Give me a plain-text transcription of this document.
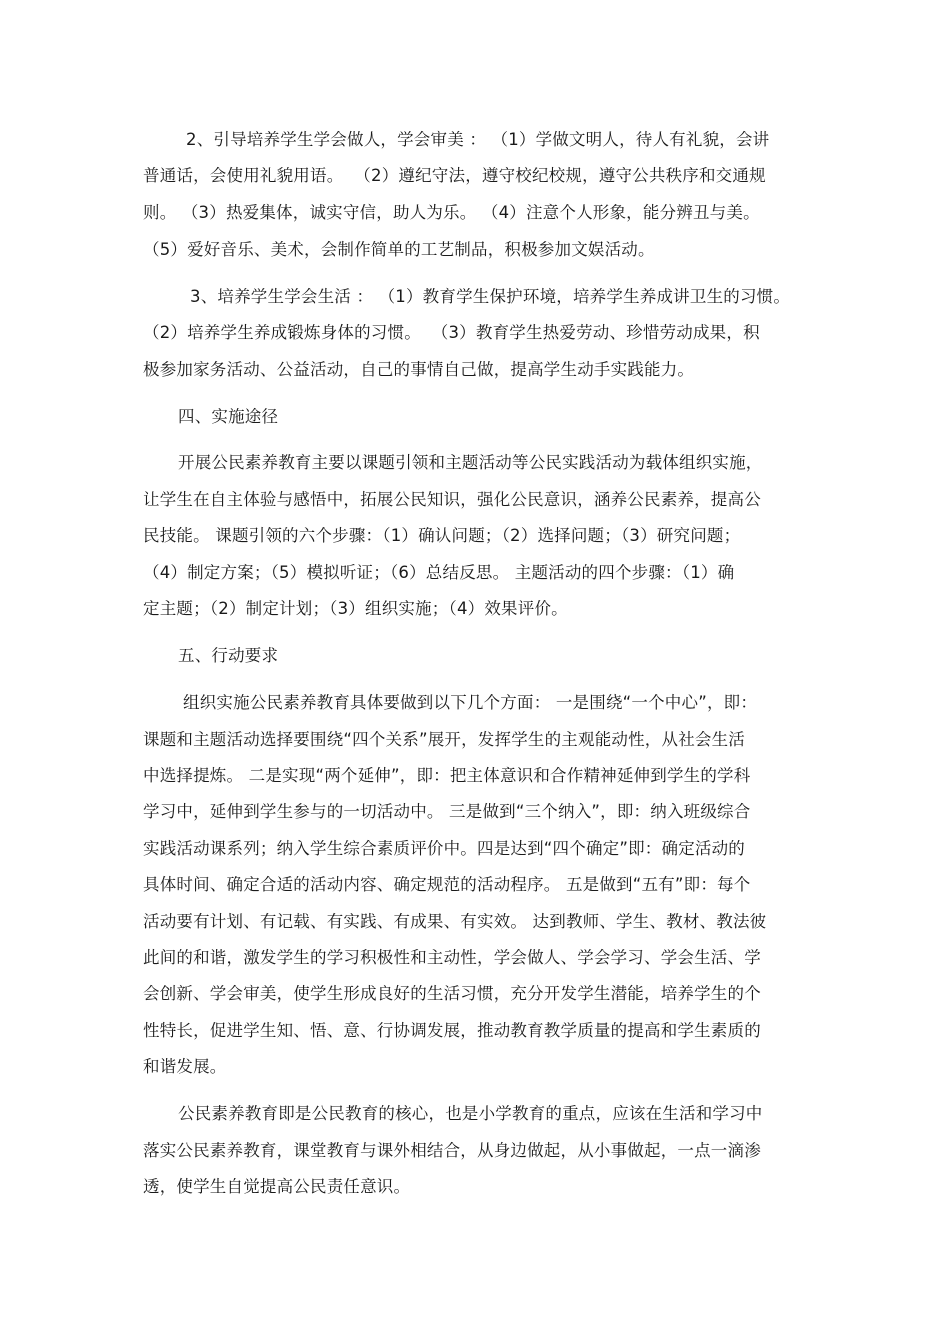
2、引导培养学生学会做人，学会审美 ： （1）学做文明人，待人有礼貌，会讲
普通话，会使用礼貌用语。  （2）遵纪守法，遵守校纪校规，遵守公共秩序和交通规
则。 （3）热爱集体，诚实守信，助人为乐。 （4）注意个人形象，能分辨丑与美。
（5）爱好音乐、美术，会制作简单的工艺制品，积极参加文娱活动。
3、培养学生学会生活 ： （1）教育学生保护环境，培养学生养成讲卫生的习惯。
（2）培养学生养成锻炼身体的习惯。  （3）教育学生热爱劳动、珍惜劳动成果，积
极参加家务活动、公益活动，自己的事情自己做，提高学生动手实践能力。
四、实施途径
开展公民素养教育主要以课题引领和主题活动等公民实践活动为载体组织实施，
让学生在自主体验与感悟中，拓展公民知识，强化公民意识，涵养公民素养，提高公
民技能。 课题引领的六个步骤：（1）确认问题；（2）选择问题；（3）研究问题；
（4）制定方案；（5）模拟听证；（6）总结反思。 主题活动的四个步骤：（1）确
定主题；（2）制定计划；（3）组织实施；（4）效果评价。
五、行动要求
组织实施公民素养教育具体要做到以下几个方面： 一是围绕“一个中心”，即：
课题和主题活动选择要围绕“四个关系”展开，发挥学生的主观能动性，从社会生活
中选择提炼。 二是实现“两个延伸”，即：把主体意识和合作精神延伸到学生的学科
学习中，延伸到学生参与的一切活动中。 三是做到“三个纳入”，即：纳入班级综合
实践活动课系列；纳入学生综合素质评价中。四是达到“四个确定”即：确定活动的
具体时间、确定合适的活动内容、确定规范的活动程序。 五是做到“五有”即：每个
活动要有计划、有记载、有实践、有成果、有实效。 达到教师、学生、教材、教法彼
此间的和谐，激发学生的学习积极性和主动性，学会做人、学会学习、学会生活、学
会创新、学会审美，使学生形成良好的生活习惯，充分开发学生潜能，培养学生的个
性特长，促进学生知、悟、意、行协调发展，推动教育教学质量的提高和学生素质的
和谐发展。
公民素养教育即是公民教育的核心，也是小学教育的重点，应该在生活和学习中
落实公民素养教育，课堂教育与课外相结合，从身边做起，从小事做起，一点一滴渗
透，使学生自觉提高公民责任意识。
